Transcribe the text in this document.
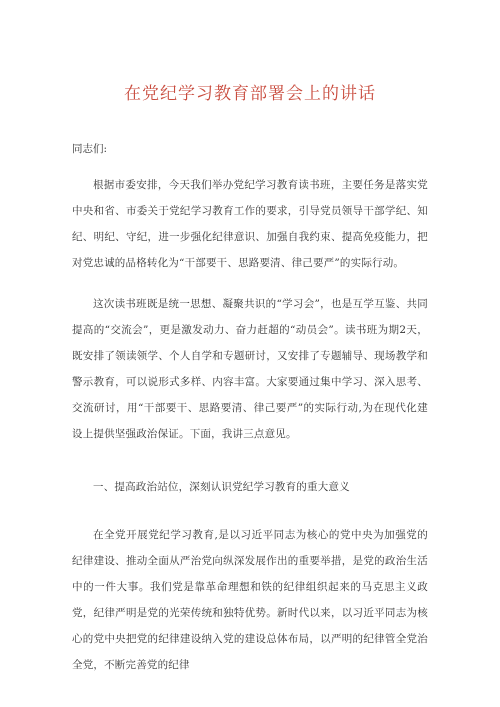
在党纪学习教育部署会上的讲话

同志们:

根据市委安排，今天我们举办党纪学习教育读书班，主要任务是落实党中央和省、市委关于党纪学习教育工作的要求，引导党员领导干部学纪、知纪、明纪、守纪，进一步强化纪律意识、加强自我约束、提高免疫能力，把对党忠诚的品格转化为“干部要干、思路要清、律己要严”的实际行动。

这次读书班既是统一思想、凝聚共识的“学习会”，也是互学互鉴、共同提高的“交流会”，更是激发动力、奋力赶超的“动员会”。读书班为期2天，既安排了领读领学、个人自学和专题研讨，又安排了专题辅导、现场教学和警示教育，可以说形式多样、内容丰富。大家要通过集中学习、深入思考、交流研讨，用“干部要干、思路要清、律己要严”的实际行动,为在现代化建设上提供坚强政治保证。下面，我讲三点意见。

一、提高政治站位，深刻认识党纪学习教育的重大意义

在全党开展党纪学习教育,是以习近平同志为核心的党中央为加强党的纪律建设、推动全面从严治党向纵深发展作出的重要举措，是党的政治生活中的一件大事。我们党是靠革命理想和铁的纪律组织起来的马克思主义政党，纪律严明是党的光荣传统和独特优势。新时代以来，以习近平同志为核心的党中央把党的纪律建设纳入党的建设总体布局，以严明的纪律管全党治全党，不断完善党的纪律
